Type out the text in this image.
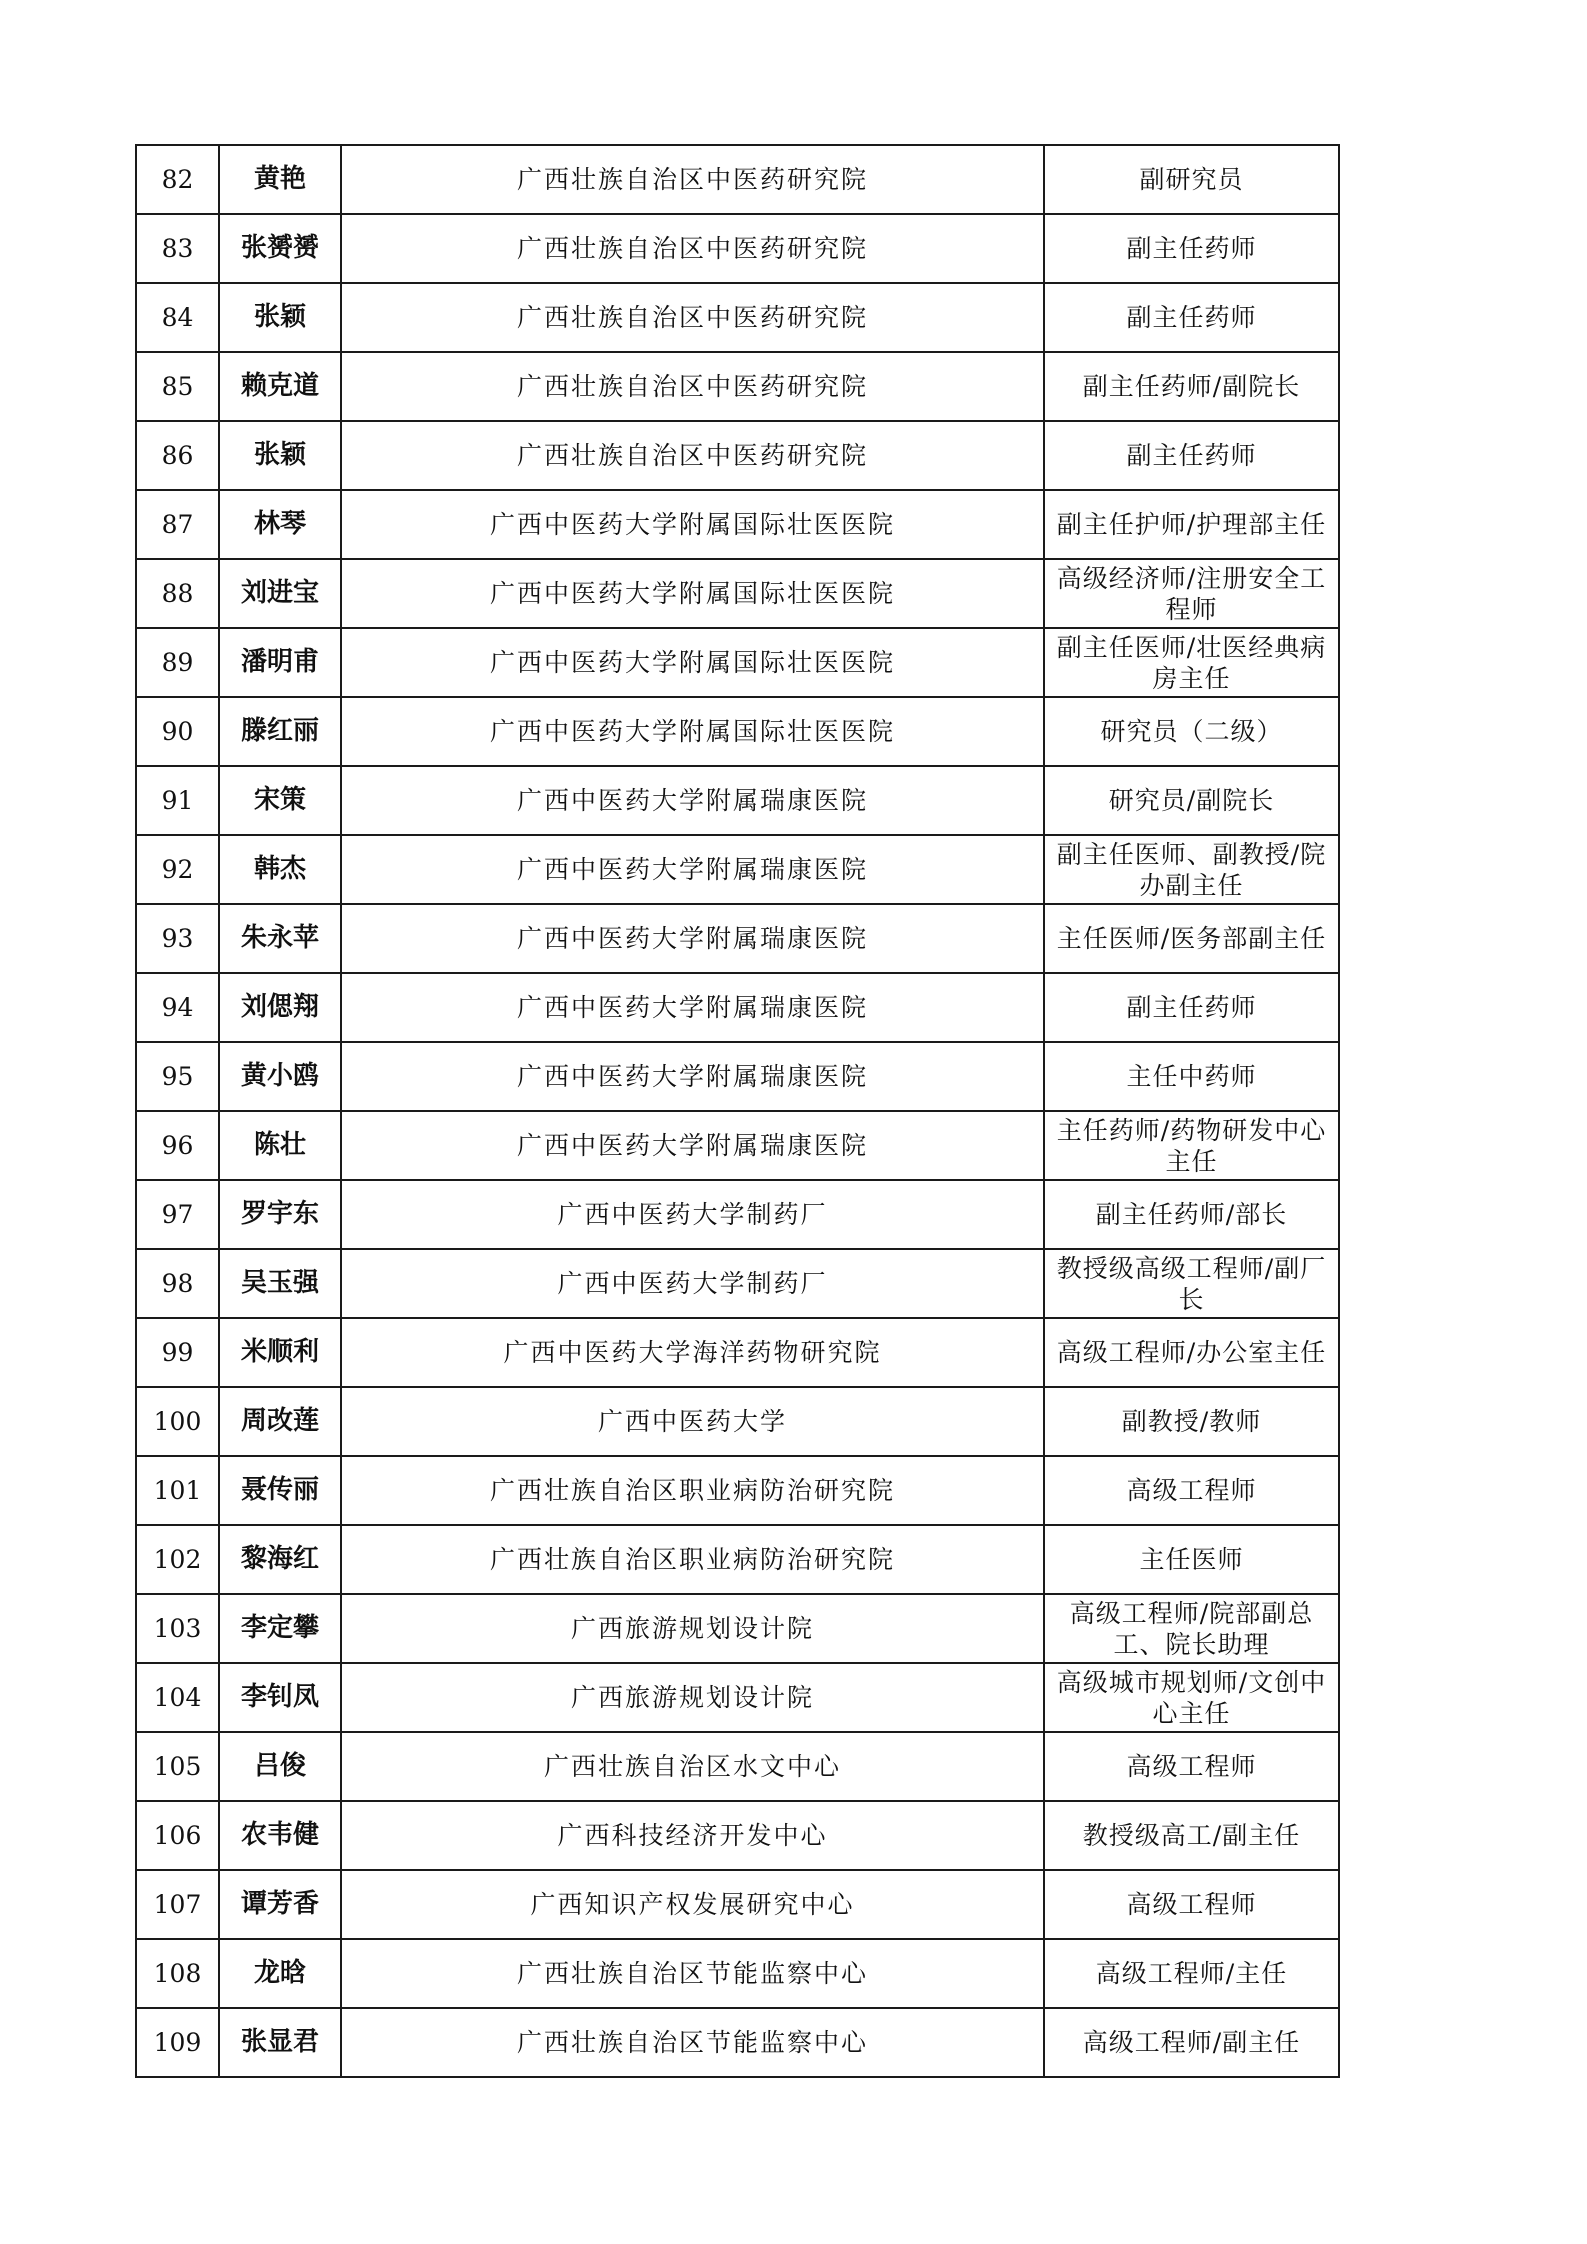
82	黄艳	广西壮族自治区中医药研究院	副研究员
83	张赟赟	广西壮族自治区中医药研究院	副主任药师
84	张颖	广西壮族自治区中医药研究院	副主任药师
85	赖克道	广西壮族自治区中医药研究院	副主任药师/副院长
86	张颖	广西壮族自治区中医药研究院	副主任药师
87	林琴	广西中医药大学附属国际壮医医院	副主任护师/护理部主任
88	刘进宝	广西中医药大学附属国际壮医医院	高级经济师/注册安全工程师
89	潘明甫	广西中医药大学附属国际壮医医院	副主任医师/壮医经典病房主任
90	滕红丽	广西中医药大学附属国际壮医医院	研究员（二级）
91	宋策	广西中医药大学附属瑞康医院	研究员/副院长
92	韩杰	广西中医药大学附属瑞康医院	副主任医师、副教授/院办副主任
93	朱永苹	广西中医药大学附属瑞康医院	主任医师/医务部副主任
94	刘偲翔	广西中医药大学附属瑞康医院	副主任药师
95	黄小鸥	广西中医药大学附属瑞康医院	主任中药师
96	陈壮	广西中医药大学附属瑞康医院	主任药师/药物研发中心主任
97	罗宇东	广西中医药大学制药厂	副主任药师/部长
98	吴玉强	广西中医药大学制药厂	教授级高级工程师/副厂长
99	米顺利	广西中医药大学海洋药物研究院	高级工程师/办公室主任
100	周改莲	广西中医药大学	副教授/教师
101	聂传丽	广西壮族自治区职业病防治研究院	高级工程师
102	黎海红	广西壮族自治区职业病防治研究院	主任医师
103	李定攀	广西旅游规划设计院	高级工程师/院部副总工、院长助理
104	李钊凤	广西旅游规划设计院	高级城市规划师/文创中心主任
105	吕俊	广西壮族自治区水文中心	高级工程师
106	农韦健	广西科技经济开发中心	教授级高工/副主任
107	谭芳香	广西知识产权发展研究中心	高级工程师
108	龙晗	广西壮族自治区节能监察中心	高级工程师/主任
109	张显君	广西壮族自治区节能监察中心	高级工程师/副主任
